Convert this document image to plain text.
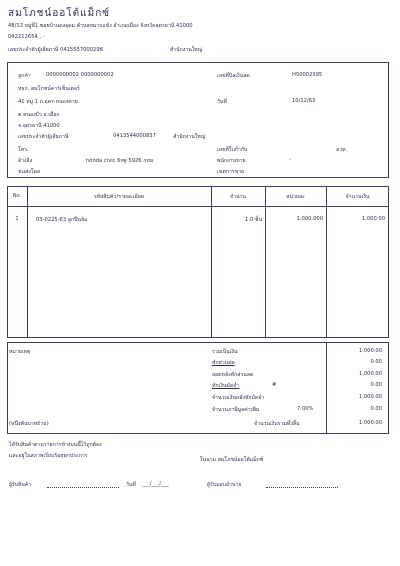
สมโภชน์ออโต้แม็กซ์
48/13 หมู่ที่1 ซอยบ้านดงอุดม ตำบลหมากแข้ง อำเภอเมือง จังหวัดอุดรธานี 41000
042212654 , -
เลขประจำตัวผู้เสียภาษี 0415557000298	สำนักงานใหญ่
ลูกค้า	0000000002 0000000002
หจก. สมโภชน์คาร์เซ็นเตอร์
41 หมู่ 1 ถ.อุดร-หนองคาย
ต.หนองบัว อ.เมือง
จ.อุดรธานี 41000
เลขประจำตัวผู้เสียภาษี	0413544000837	สำนักงานใหญ่
โทร.
อ้างอิง	honda civic 6หฐ 5926 กทม
ขนส่งโดย
เลขที่บิลเงินสด	HS0002395
วันที่	10/12/63
เลขที่ใบกำกับ	ลวท.
พนักงานขาย	-
เขตการขาย
No.	รหัสสินค้า/รายละเอียด	จำนวน	หน่วยละ	จำนวนเงิน
1	03-0225-63 ลูกปืนล้อ	1.0 ชิ้น	1,000.000	1,000.00
หมายเหตุ
(หนึ่งพันบาทถ้วน)
รวมเป็นเงิน	1,000.00
หักส่วนลด	0.00
ยอดหลังหักส่วนลด	1,000.00
หักเงินมัดจำ	#	0.00
จำนวนเงินหลังหักมัดจำ	1,000.00
จำนวนภาษีมูลค่าเพิ่ม	7.00%	0.00
จำนวนเงินรวมทั้งสิ้น	1,000.00
ได้รับสินค้าตามรายการข้างบนนี้ไว้ถูกต้อง
และอยู่ในสภาพเรียบร้อยทุกประการ
ในนาม สมโภชน์ออโต้แม็กซ์
ผู้รับสินค้า	วันที่ ___/___/___	ผู้รับมอบอำนาจ
